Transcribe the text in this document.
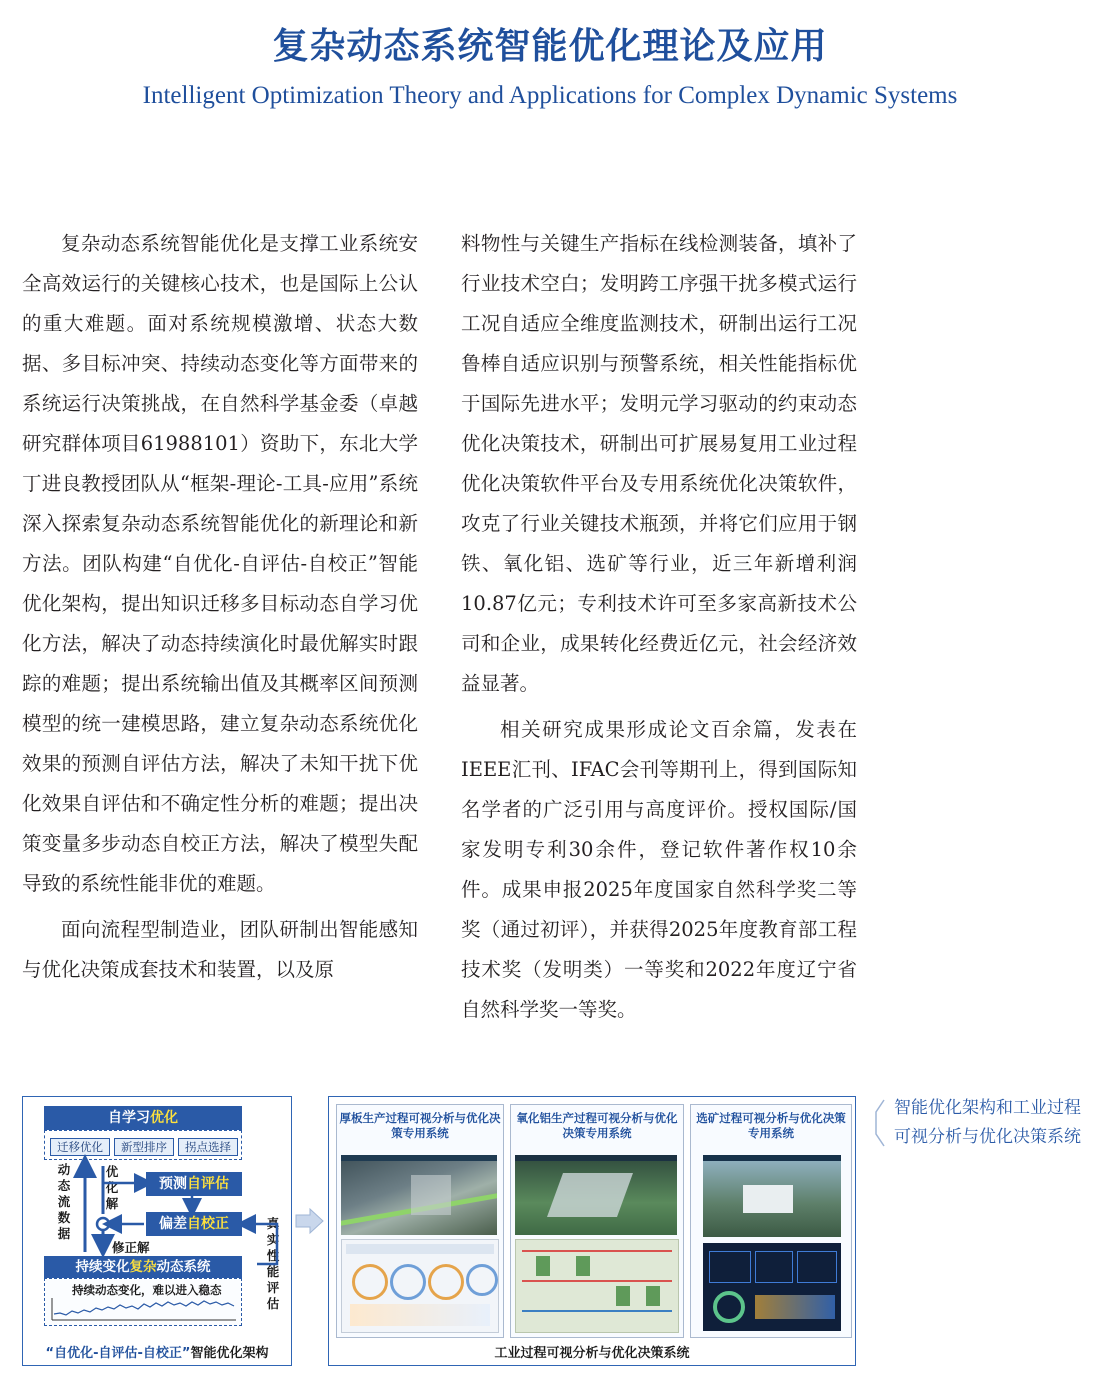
复杂动态系统智能优化理论及应用
Intelligent Optimization Theory and Applications for Complex Dynamic Systems

复杂动态系统智能优化是支撑工业系统安全高效运行的关键核心技术，也是国际上公认的重大难题。面对系统规模激增、状态大数据、多目标冲突、持续动态变化等方面带来的系统运行决策挑战，在自然科学基金委（卓越研究群体项目61988101）资助下，东北大学丁进良教授团队从“框架-理论-工具-应用”系统深入探索复杂动态系统智能优化的新理论和新方法。团队构建“自优化-自评估-自校正”智能优化架构，提出知识迁移多目标动态自学习优化方法，解决了动态持续演化时最优解实时跟踪的难题；提出系统输出值及其概率区间预测模型的统一建模思路，建立复杂动态系统优化效果的预测自评估方法，解决了未知干扰下优化效果自评估和不确定性分析的难题；提出决策变量多步动态自校正方法，解决了模型失配导致的系统性能非优的难题。

面向流程型制造业，团队研制出智能感知与优化决策成套技术和装置，以及原

料物性与关键生产指标在线检测装备，填补了行业技术空白；发明跨工序强干扰多模式运行工况自适应全维度监测技术，研制出运行工况鲁棒自适应识别与预警系统，相关性能指标优于国际先进水平；发明元学习驱动的约束动态优化决策技术，研制出可扩展易复用工业过程优化决策软件平台及专用系统优化决策软件，攻克了行业关键技术瓶颈，并将它们应用于钢铁、氧化铝、选矿等行业，近三年新增利润10.87亿元；专利技术许可至多家高新技术公司和企业，成果转化经费近亿元，社会经济效益显著。

相关研究成果形成论文百余篇，发表在IEEE汇刊、IFAC会刊等期刊上，得到国际知名学者的广泛引用与高度评价。授权国际/国家发明专利30余件，登记软件著作权10余件。成果申报2025年度国家自然科学奖二等奖（通过初评），并获得2025年度教育部工程技术奖（发明类）一等奖和2022年度辽宁省自然科学奖一等奖。

自学习优化
迁移优化	新型排序	拐点选择
预测自评估
偏差自校正
动态流数据
优化解
真实性能评估
修正解
持续变化复杂动态系统
持续动态变化，难以进入稳态
“自优化-自评估-自校正”智能优化架构
厚板生产过程可视分析与优化决策专用系统
氧化铝生产过程可视分析与优化决策专用系统
选矿过程可视分析与优化决策专用系统
工业过程可视分析与优化决策系统
智能优化架构和工业过程
可视分析与优化决策系统
